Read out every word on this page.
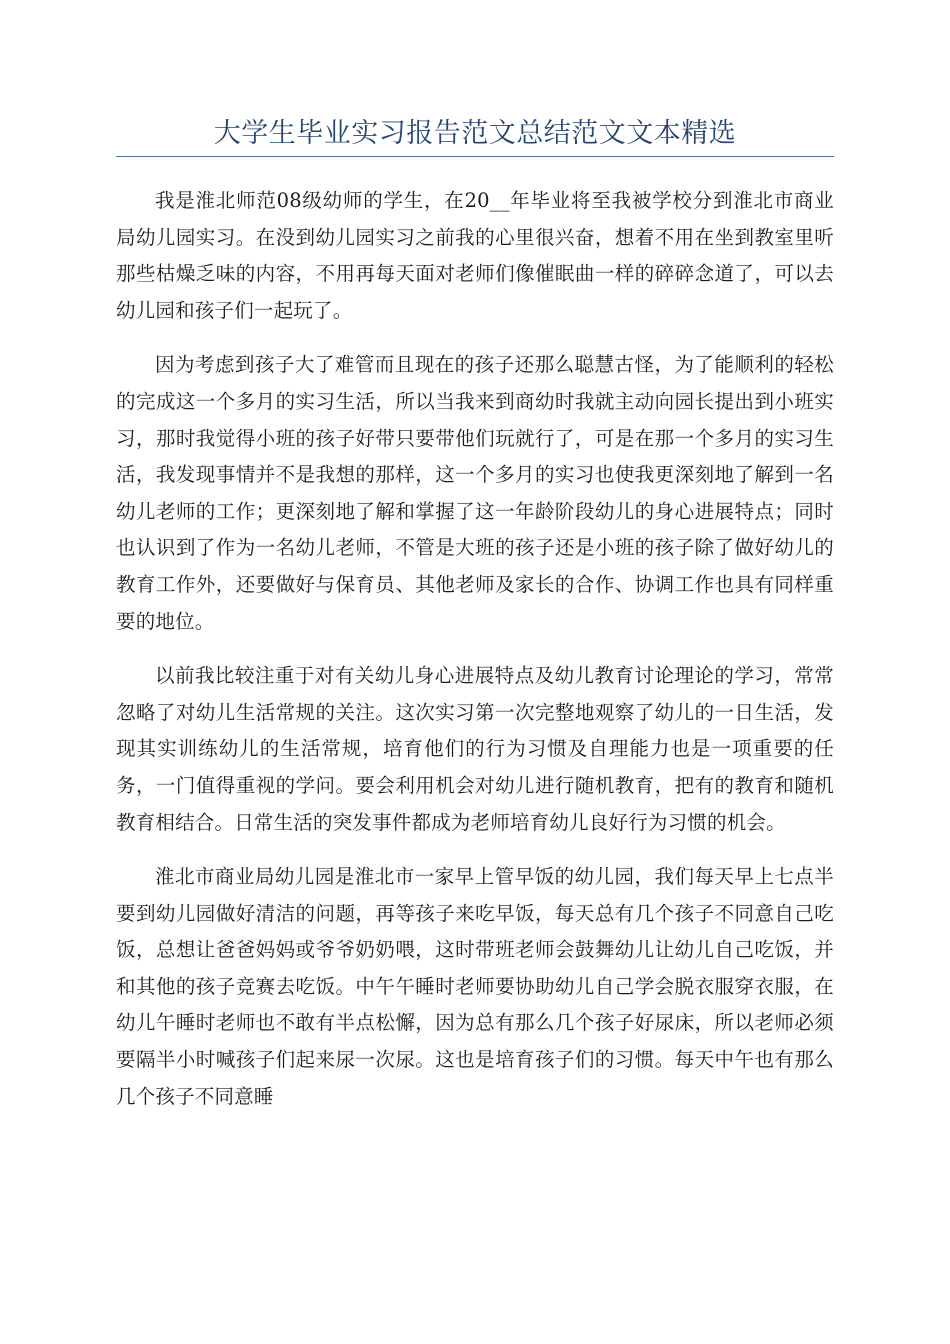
大学生毕业实习报告范文总结范文文本精选

我是淮北师范08级幼师的学生，在20__年毕业将至我被学校分到淮北市商业局幼儿园实习。在没到幼儿园实习之前我的心里很兴奋，想着不用在坐到教室里听那些枯燥乏味的内容，不用再每天面对老师们像催眠曲一样的碎碎念道了，可以去幼儿园和孩子们一起玩了。

因为考虑到孩子大了难管而且现在的孩子还那么聪慧古怪，为了能顺利的轻松的完成这一个多月的实习生活，所以当我来到商幼时我就主动向园长提出到小班实习，那时我觉得小班的孩子好带只要带他们玩就行了，可是在那一个多月的实习生活，我发现事情并不是我想的那样，这一个多月的实习也使我更深刻地了解到一名幼儿老师的工作；更深刻地了解和掌握了这一年龄阶段幼儿的身心进展特点；同时也认识到了作为一名幼儿老师，不管是大班的孩子还是小班的孩子除了做好幼儿的教育工作外，还要做好与保育员、其他老师及家长的合作、协调工作也具有同样重要的地位。

以前我比较注重于对有关幼儿身心进展特点及幼儿教育讨论理论的学习，常常忽略了对幼儿生活常规的关注。这次实习第一次完整地观察了幼儿的一日生活，发现其实训练幼儿的生活常规，培育他们的行为习惯及自理能力也是一项重要的任务，一门值得重视的学问。要会利用机会对幼儿进行随机教育，把有的教育和随机教育相结合。日常生活的突发事件都成为老师培育幼儿良好行为习惯的机会。

淮北市商业局幼儿园是淮北市一家早上管早饭的幼儿园，我们每天早上七点半要到幼儿园做好清洁的问题，再等孩子来吃早饭，每天总有几个孩子不同意自己吃饭，总想让爸爸妈妈或爷爷奶奶喂，这时带班老师会鼓舞幼儿让幼儿自己吃饭，并和其他的孩子竞赛去吃饭。中午午睡时老师要协助幼儿自己学会脱衣服穿衣服，在幼儿午睡时老师也不敢有半点松懈，因为总有那么几个孩子好尿床，所以老师必须要隔半小时喊孩子们起来尿一次尿。这也是培育孩子们的习惯。每天中午也有那么几个孩子不同意睡
